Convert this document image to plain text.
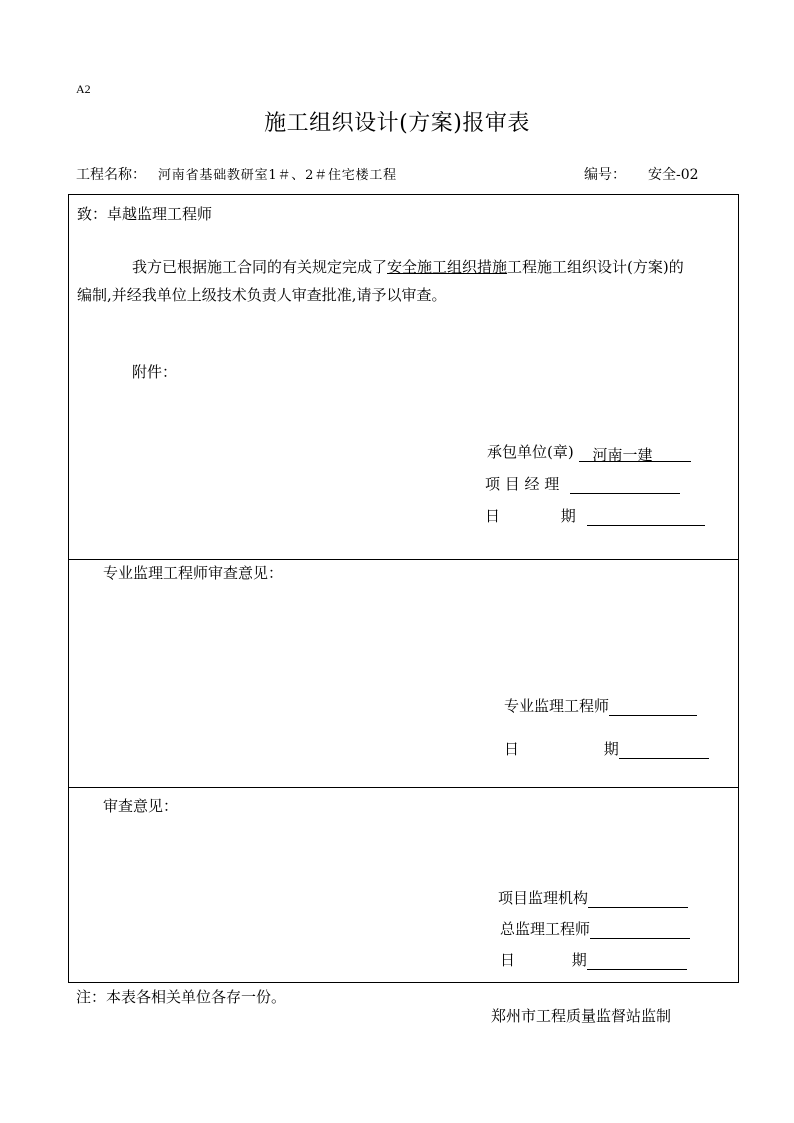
A2
施工组织设计(方案)报审表
工程名称： 河南省基础教研室1＃、2＃住宅楼工程	编号： 安全-02
致：卓越监理工程师
我方已根据施工合同的有关规定完成了安全施工组织措施工程施工组织设计(方案)的
编制,并经我单位上级技术负责人审查批准,请予以审查。
附件：
承包单位(章) 河南一建
项 目 经 理
日	期
专业监理工程师审查意见：
专业监理工程师
日	期
审查意见：
项目监理机构
总监理工程师
日	期
注：本表各相关单位各存一份。
郑州市工程质量监督站监制
